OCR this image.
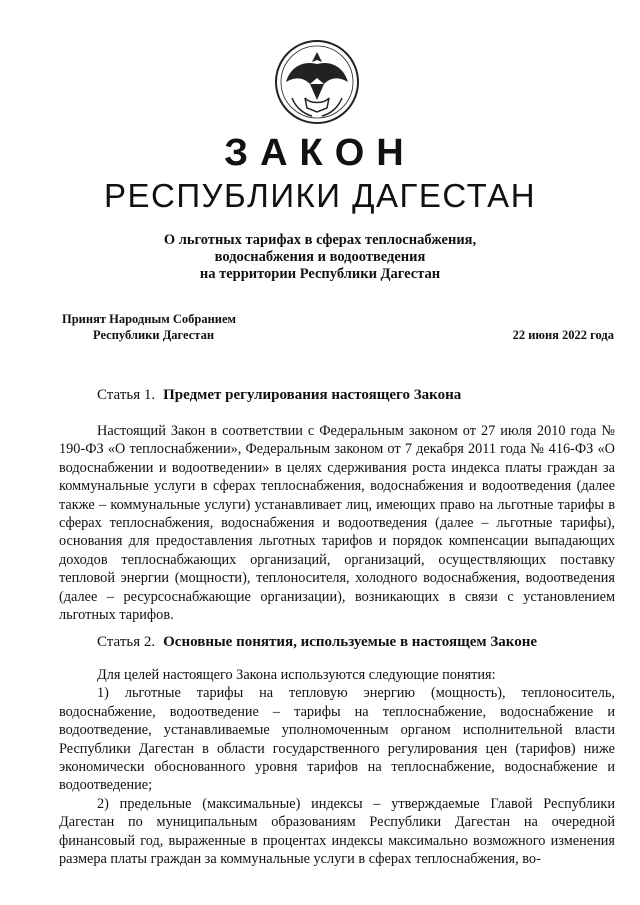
ЗАКОН
РЕСПУБЛИКИ ДАГЕСТАН
О льготных тарифах в сферах теплоснабжения,
водоснабжения и водоотведения
на территории Республики Дагестан
Принят Народным Собранием
Республики Дагестан	22 июня 2022 года
Статья 1. Предмет регулирования настоящего Закона

Настоящий Закон в соответствии с Федеральным законом от 27 июля 2010 года № 190-ФЗ «О теплоснабжении», Федеральным законом от 7 декабря 2011 года № 416-ФЗ «О водоснабжении и водоотведении» в целях сдерживания роста индекса платы граждан за коммунальные услуги в сферах теплоснабжения, водоснабжения и водоотведения (далее также – коммунальные услуги) устанавливает лиц, имеющих право на льготные тарифы в сферах теплоснабжения, водоснабжения и водоотведения (далее – льготные тарифы), основания для предоставления льготных тарифов и порядок компенсации выпадающих доходов теплоснабжающих организаций, организаций, осуществляющих поставку тепловой энергии (мощности), теплоносителя, холодного водоснабжения, водоотведения (далее – ресурсоснабжающие организации), возникающих в связи с установлением льготных тарифов.

Статья 2. Основные понятия, используемые в настоящем Законе

Для целей настоящего Закона используются следующие понятия:

1) льготные тарифы на тепловую энергию (мощность), теплоноситель, водоснабжение, водоотведение – тарифы на теплоснабжение, водоснабжение и водоотведение, устанавливаемые уполномоченным органом исполнительной власти Республики Дагестан в области государственного регулирования цен (тарифов) ниже экономически обоснованного уровня тарифов на теплоснабжение, водоснабжение и водоотведение;

2) предельные (максимальные) индексы – утверждаемые Главой Республики Дагестан по муниципальным образованиям Республики Дагестан на очередной финансовый год, выраженные в процентах индексы максимально возможного изменения размера платы граждан за коммунальные услуги в сферах теплоснабжения, во-
